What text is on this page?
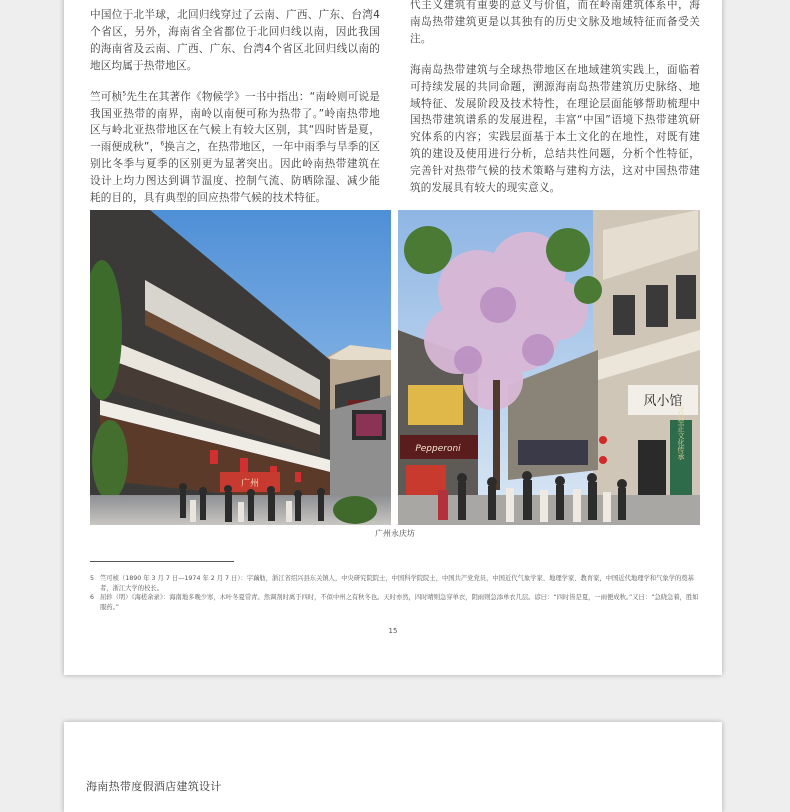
中国位于北半球，北回归线穿过了云南、广西、广东、台湾4个省区，另外，海南省全省都位于北回归线以南，因此我国的海南省及云南、广西、广东、台湾4个省区北回归线以南的地区均属于热带地区。

竺可桢$^5$先生在其著作《物候学》一书中指出：“南岭则可说是我国亚热带的南界，南岭以南便可称为热带了。”岭南热带地区与岭北亚热带地区在气候上有较大区别，其“四时皆是夏，一雨便成秋”，$^6$换言之，在热带地区，一年中雨季与旱季的区别比冬季与夏季的区别更为显著突出。因此岭南热带建筑在设计上均力图达到调节温度、控制气流、防晒除湿、减少能耗的目的，具有典型的回应热带气候的技术特征。

代主义建筑有重要的意义与价值，而在岭南建筑体系中，海南岛热带建筑更是以其独有的历史文脉及地域特征而备受关注。

海南岛热带建筑与全球热带地区在地域建筑实践上，面临着可持续发展的共同命题，溯源海南岛热带建筑历史脉络、地域特征、发展阶段及技术特性，在理论层面能够帮助梳理中国热带建筑谱系的发展进程，丰富“中国”语境下热带建筑研究体系的内容；实践层面基于本土文化的在地性，对既有建筑的建设及使用进行分析，总结共性问题，分析个性特征，完善针对热带气候的技术策略与建构方法，这对中国热带建筑的发展具有较大的现实意义。

广州
风小馆
今日至正文化传承
Pepperoni
广州永庆坊
5 竺可桢（1890 年 3 月 7 日—1974 年 2 月 7 日）：字藕舫，浙江省绍兴县东关镇人，中央研究院院士，中国科学院院士，中国共产党党员，中国近代气象学家、地理学家、教育家，中国近代地理学和气象学的奠基者，浙江大学的校长。
6 屈轸（明）《海槎余录》：海南地多晚少寒，木叶冬夏常青。然调剂时离于四时，不似中州之有秋冬也。天时亦然，四时晴则急穿单衣，阴雨则急添单衣几层。谚曰：“四时皆是夏，一雨便成秋。”又曰：“急晓急着，胜如服药。”
15
海南热带度假酒店建筑设计
